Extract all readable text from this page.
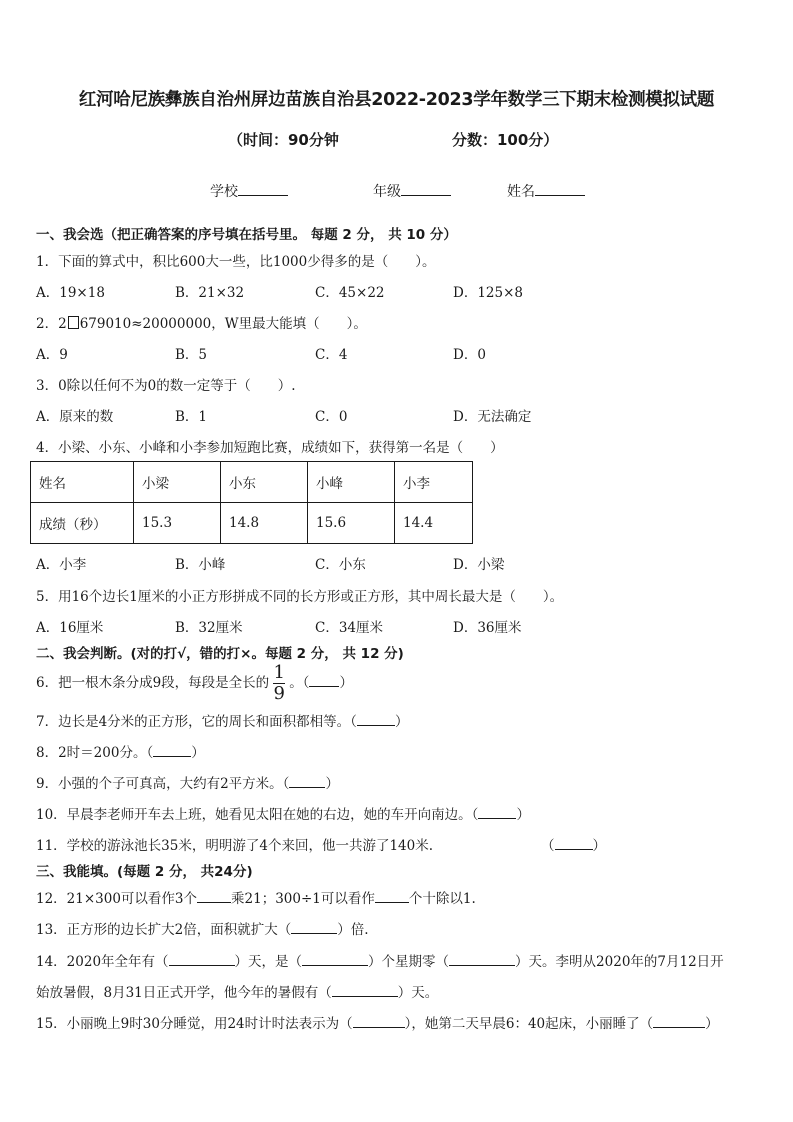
红河哈尼族彝族自治州屏边苗族自治县2022-2023学年数学三下期末检测模拟试题
（时间：90分钟	分数：100分）
学校	年级	姓名
一、我会选（把正确答案的序号填在括号里。 每题 2 分， 共 10 分）
1．下面的算式中，积比600大一些，比1000少得多的是（　　）。
A．19×18	B．21×32	C．45×22	D．125×8
2．2 679010≈20000000，W里最大能填（　　）。
A．9	B．5	C．4	D．0
3．0除以任何不为0的数一定等于（　　）.
A．原来的数	B．1	C．0	D．无法确定
4．小梁、小东、小峰和小李参加短跑比赛，成绩如下，获得第一名是（　　）
姓名	小梁	小东	小峰	小李
成绩（秒）	15.3	14.8	15.6	14.4
A．小李	B．小峰	C．小东	D．小梁
5．用16个边长1厘米的小正方形拼成不同的长方形或正方形，其中周长最大是（　　）。
A．16厘米	B．32厘米	C．34厘米	D．36厘米
二、我会判断。(对的打√，错的打×。每题 2 分， 共 12 分)
6．把一根木条分成9段，每段是全长的 $\frac{1}{9}$ 。（ ）
7．边长是4分米的正方形，它的周长和面积都相等。（	）
8．2时＝200分。（	）
9．小强的个子可真高，大约有2平方米。（	）
10．早晨李老师开车去上班，她看见太阳在她的右边，她的车开向南边。（	）
11．学校的游泳池长35米，明明游了4个来回，他一共游了140米.	（	）
三、我能填。(每题 2 分， 共24分)
12．21×300可以看作3个	乘21；300÷1可以看作	个十除以1.
13．正方形的边长扩大2倍，面积就扩大（	）倍.
14．2020年全年有（	）天，是（	）个星期零（	）天。李明从2020年的7月12日开
始放暑假，8月31日正式开学，他今年的暑假有（	）天。
15．小丽晚上9时30分睡觉，用24时计时法表示为（	），她第二天早晨6：40起床，小丽睡了（	）
